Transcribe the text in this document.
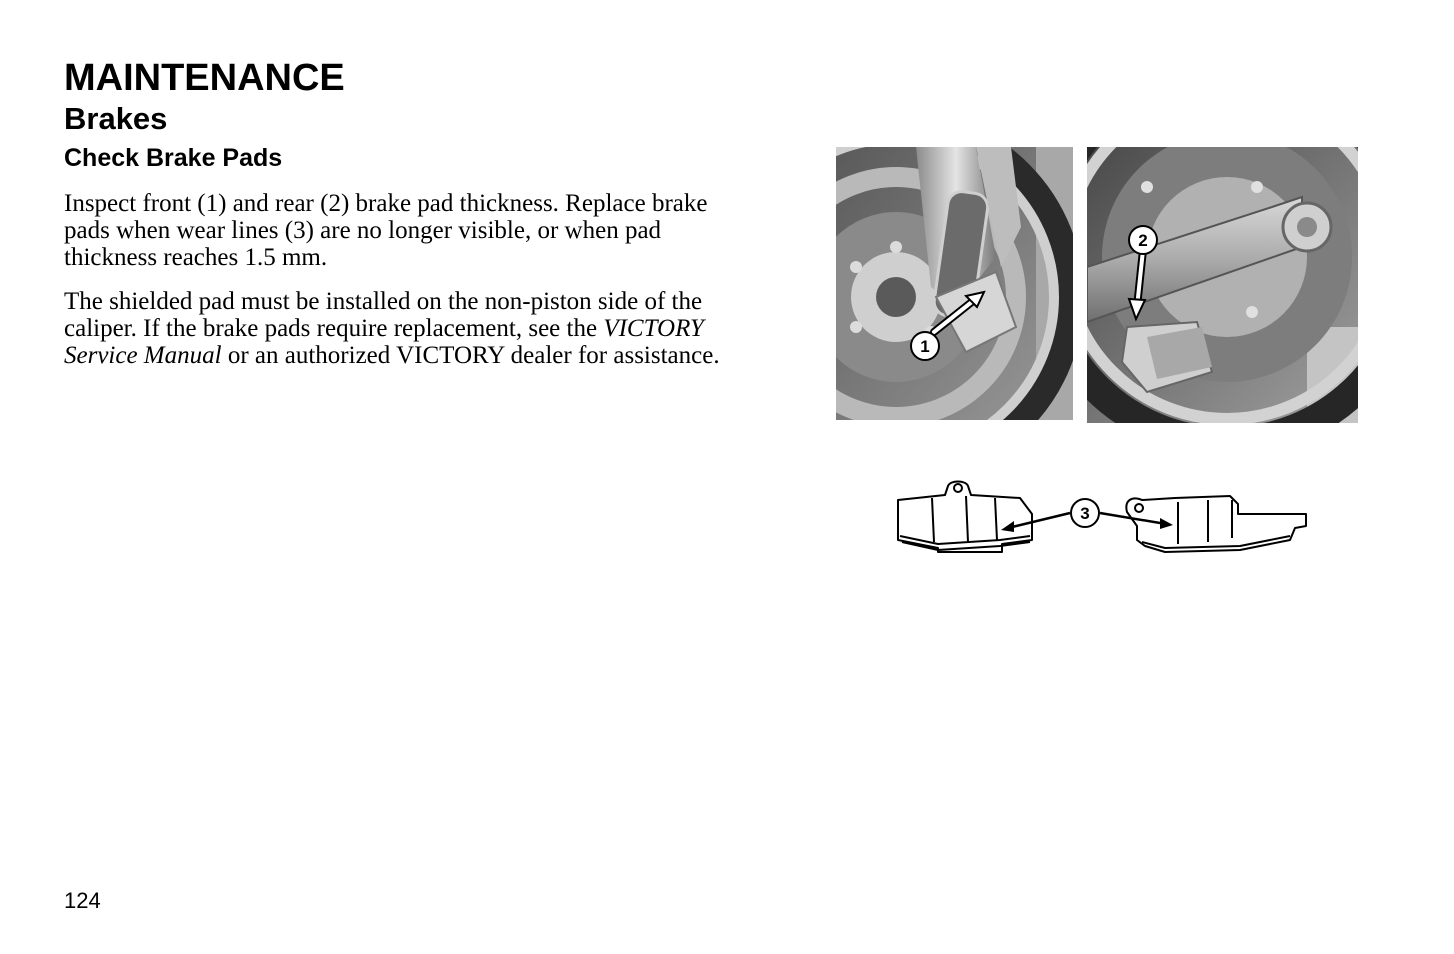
MAINTENANCE
Brakes
Check Brake Pads

Inspect front (1) and rear (2) brake pad thickness. Replace brake pads when wear lines (3) are no longer visible, or when pad thickness reaches 1.5 mm.

The shielded pad must be installed on the non-piston side of the caliper. If the brake pads require replacement, see the VICTORY Service Manual or an authorized VICTORY dealer for assistance.	1
2
3
124
